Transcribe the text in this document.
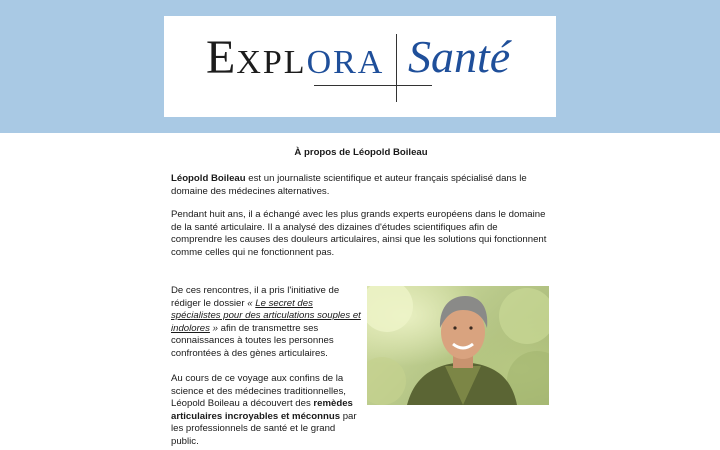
EXPLORA Santé
À propos de Léopold Boileau

Léopold Boileau est un journaliste scientifique et auteur français spécialisé dans le domaine des médecines alternatives.

Pendant huit ans, il a échangé avec les plus grands experts européens dans le domaine de la santé articulaire. Il a analysé des dizaines d'études scientifiques afin de comprendre les causes des douleurs articulaires, ainsi que les solutions qui fonctionnent comme celles qui ne fonctionnent pas.

De ces rencontres, il a pris l'initiative de rédiger le dossier « Le secret des spécialistes pour des articulations souples et indolores » afin de transmettre ses connaissances à toutes les personnes confrontées à des gènes articulaires.

Au cours de ce voyage aux confins de la science et des médecines traditionnelles, Léopold Boileau a découvert des remèdes articulaires incroyables et méconnus par les professionnels de santé et le grand public.
